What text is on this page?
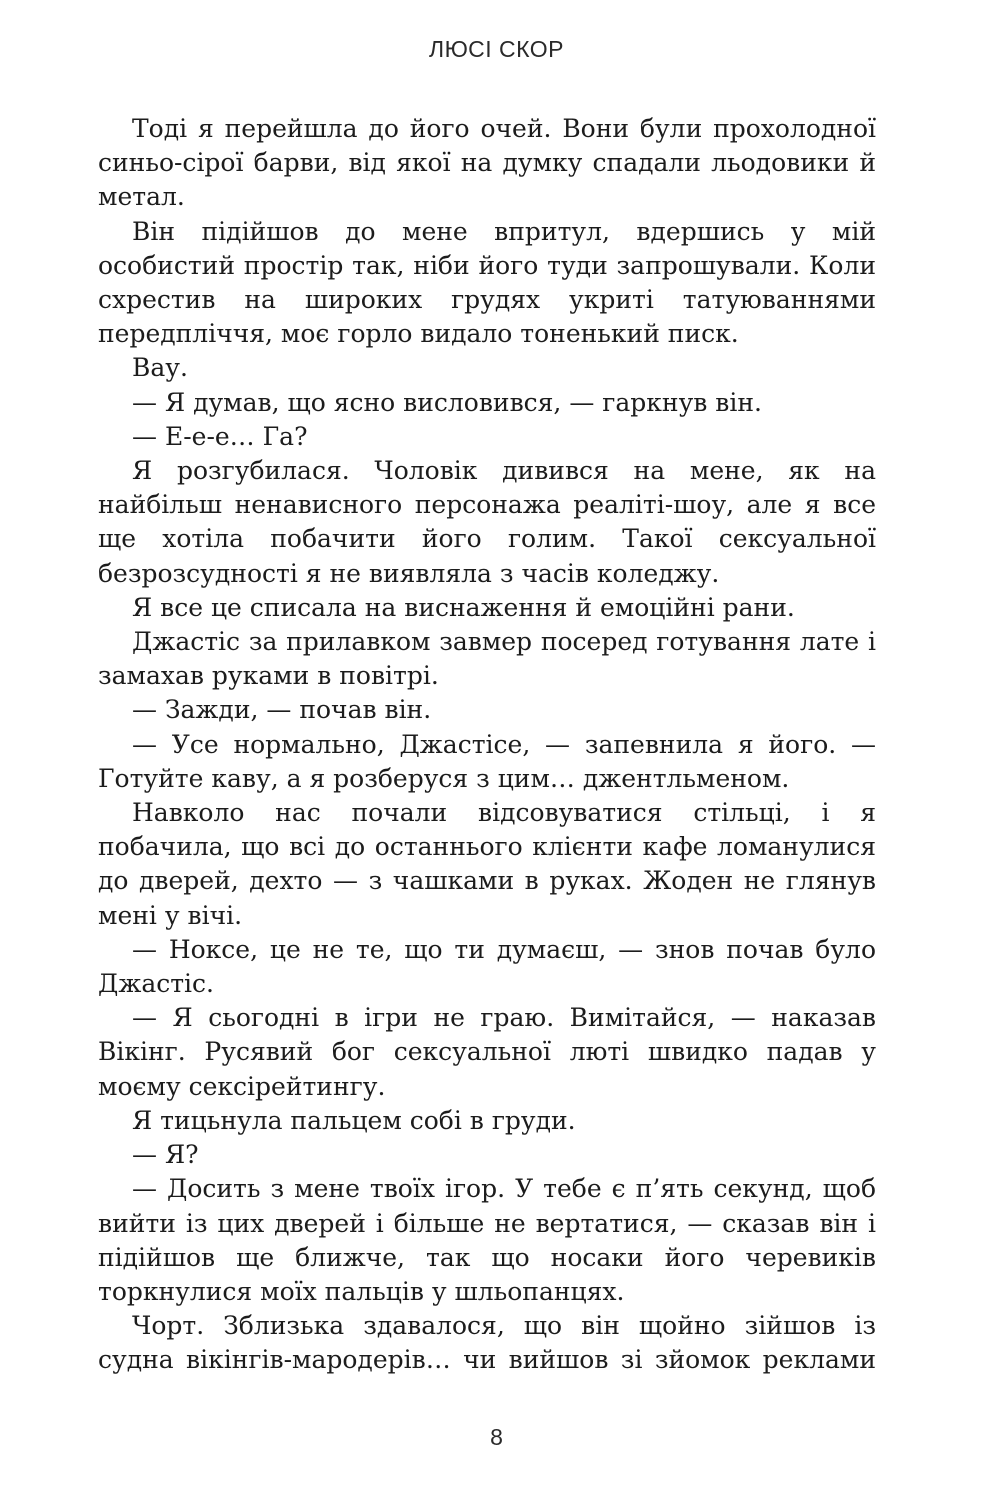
ЛЮСІ СКОР

Тоді я перейшла до його очей. Вони були прохолодної синьо-сірої барви, від якої на думку спадали льодовики й метал.

Він підійшов до мене впритул, вдершись у мій особистий простір так, ніби його туди запрошували. Коли схрестив на широких грудях укриті татуюваннями передпліччя, моє горло видало тоненький писк.

Вау.

— Я думав, що ясно висловився, — гаркнув він.

— Е-е-е… Га?

Я розгубилася. Чоловік дивився на мене, як на найбільш ненависного персонажа реаліті-шоу, але я все ще хотіла побачити його голим. Такої сексуальної безрозсудності я не виявляла з часів коледжу.

Я все це списала на виснаження й емоційні рани.

Джастіс за прилавком завмер посеред готування лате і замахав руками в повітрі.

— Зажди, — почав він.

— Усе нормально, Джастісе, — запевнила я його. — Готуйте каву, а я розберуся з цим… джентльменом.

Навколо нас почали відсовуватися стільці, і я побачила, що всі до останнього клієнти кафе ломанулися до дверей, дехто — з чашками в руках. Жоден не глянув мені у вічі.

— Ноксе, це не те, що ти думаєш, — знов почав було Джастіс.

— Я сьогодні в ігри не граю. Вимітайся, — наказав Вікінг. Русявий бог сексуальної люті швидко падав у моєму сексірейтингу.

Я тицьнула пальцем собі в груди.

— Я?

— Досить з мене твоїх ігор. У тебе є п’ять секунд, щоб вийти із цих дверей і більше не вертатися, — сказав він і підійшов ще ближче, так що носаки його черевиків торкнулися моїх пальців у шльопанцях.

Чорт. Зблизька здавалося, що він щойно зійшов із судна вікінгів-мародерів… чи вийшов зі зйомок реклами

8
